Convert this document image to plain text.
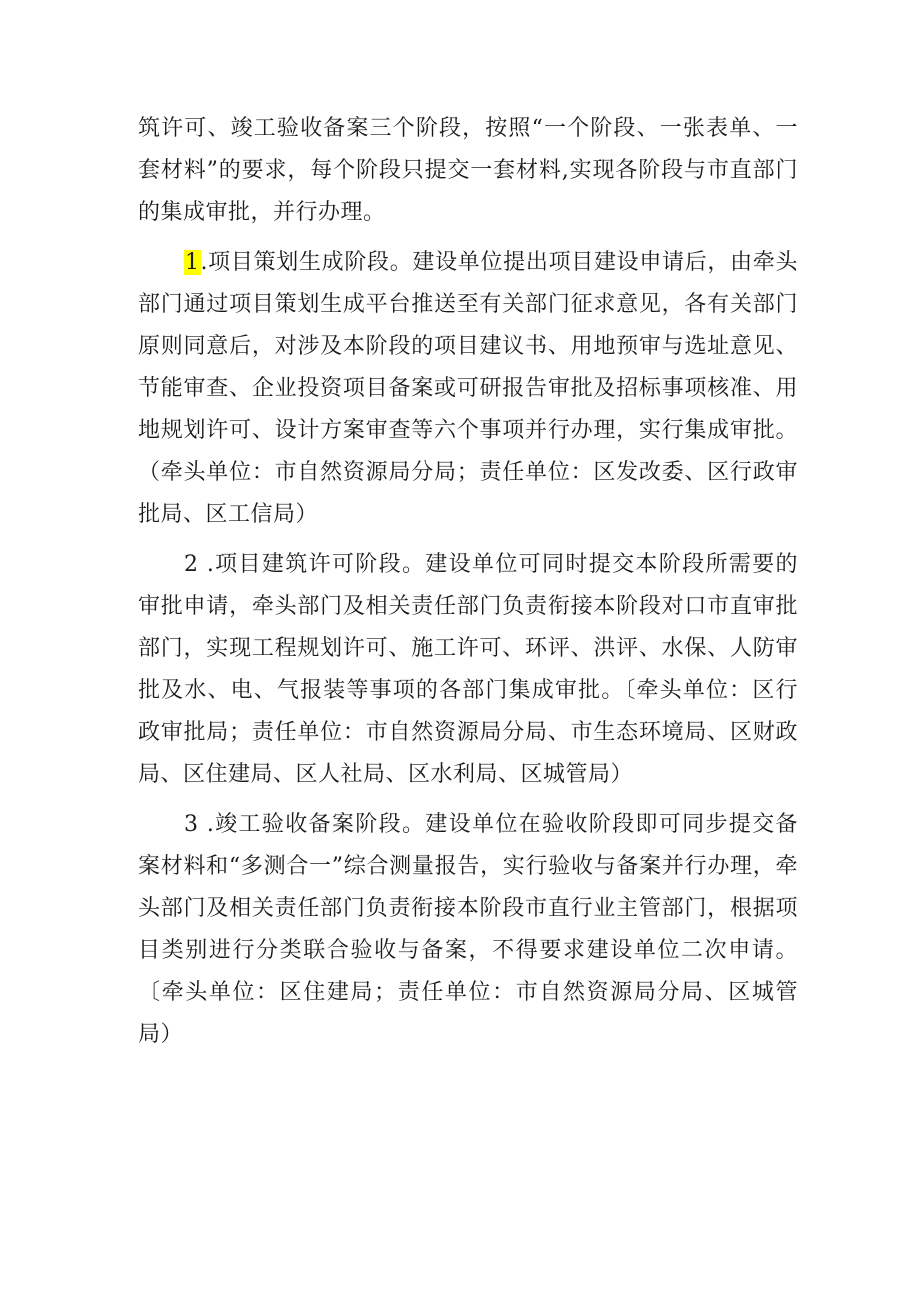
筑许可、竣工验收备案三个阶段，按照“一个阶段、一张表单、一套材料”的要求，每个阶段只提交一套材料,实现各阶段与市直部门的集成审批，并行办理。

1.项目策划生成阶段。建设单位提出项目建设申请后，由牵头部门通过项目策划生成平台推送至有关部门征求意见，各有关部门原则同意后，对涉及本阶段的项目建议书、用地预审与选址意见、节能审查、企业投资项目备案或可研报告审批及招标事项核准、用地规划许可、设计方案审查等六个事项并行办理，实行集成审批。（牵头单位：市自然资源局分局；责任单位：区发改委、区行政审批局、区工信局）

2 .项目建筑许可阶段。建设单位可同时提交本阶段所需要的审批申请，牵头部门及相关责任部门负责衔接本阶段对口市直审批部门，实现工程规划许可、施工许可、环评、洪评、水保、人防审批及水、电、气报装等事项的各部门集成审批。〔牵头单位：区行政审批局；责任单位：市自然资源局分局、市生态环境局、区财政局、区住建局、区人社局、区水利局、区城管局）

3 .竣工验收备案阶段。建设单位在验收阶段即可同步提交备案材料和“多测合一”综合测量报告，实行验收与备案并行办理，牵头部门及相关责任部门负责衔接本阶段市直行业主管部门，根据项目类别进行分类联合验收与备案，不得要求建设单位二次申请。〔牵头单位：区住建局；责任单位：市自然资源局分局、区城管局）
